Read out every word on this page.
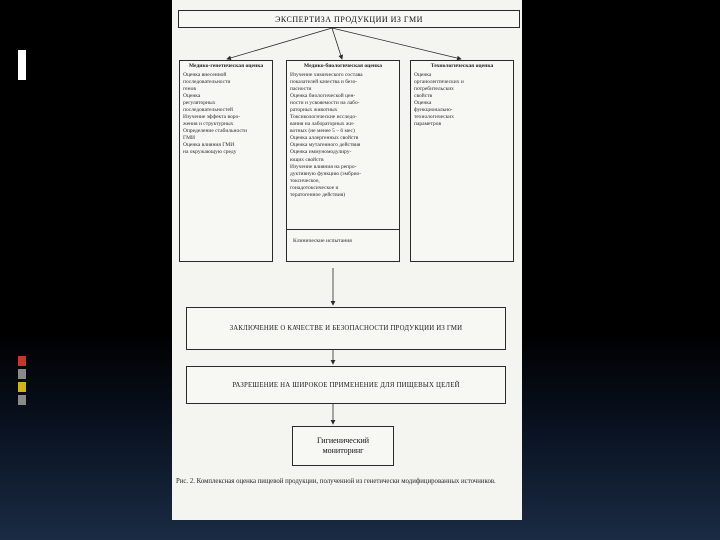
ЭКСПЕРТИЗА ПРОДУКЦИИ ИЗ ГМИ
Медико-генетическая оценка
Оценка внесенной
последовательности
генов
Оценка
регуляторных
последовательностей
Изучение эффекта воро-
жения и структурных
Определение стабильности
ГМИ
Оценка влияния ГМИ
на окружающую среду
Медико-биологическая оценка
Изучение химического состава
показателей качества и безо-
пасности
Оценка биологической цен-
ности и усвояемости на лабо-
раторных животных
Токсикологические исследо-
вания на лабораторных жи-
вотных (не менее 5 – 6 мес)
Оценка аллергенных свойств
Оценка мутагенного действия
Оценка иммуномодулиру-
ющих свойств
Изучение влияния на репро-
дуктивную функцию (эмбрио-
токсическое,
гонадотоксическое и
тератогенное действия)
Клинические испытания
Технологическая оценка
Оценка
органолептических и
потребительских
свойств
Оценка
функционально-
технологических
параметров
ЗАКЛЮЧЕНИЕ О КАЧЕСТВЕ И БЕЗОПАСНОСТИ ПРОДУКЦИИ ИЗ ГМИ
РАЗРЕШЕНИЕ НА ШИРОКОЕ ПРИМЕНЕНИЕ ДЛЯ ПИЩЕВЫХ ЦЕЛЕЙ
Гигиенический
мониторинг
Рис. 2. Комплексная оценка пищевой продукции, полученной из генетически модифицированных источников.
